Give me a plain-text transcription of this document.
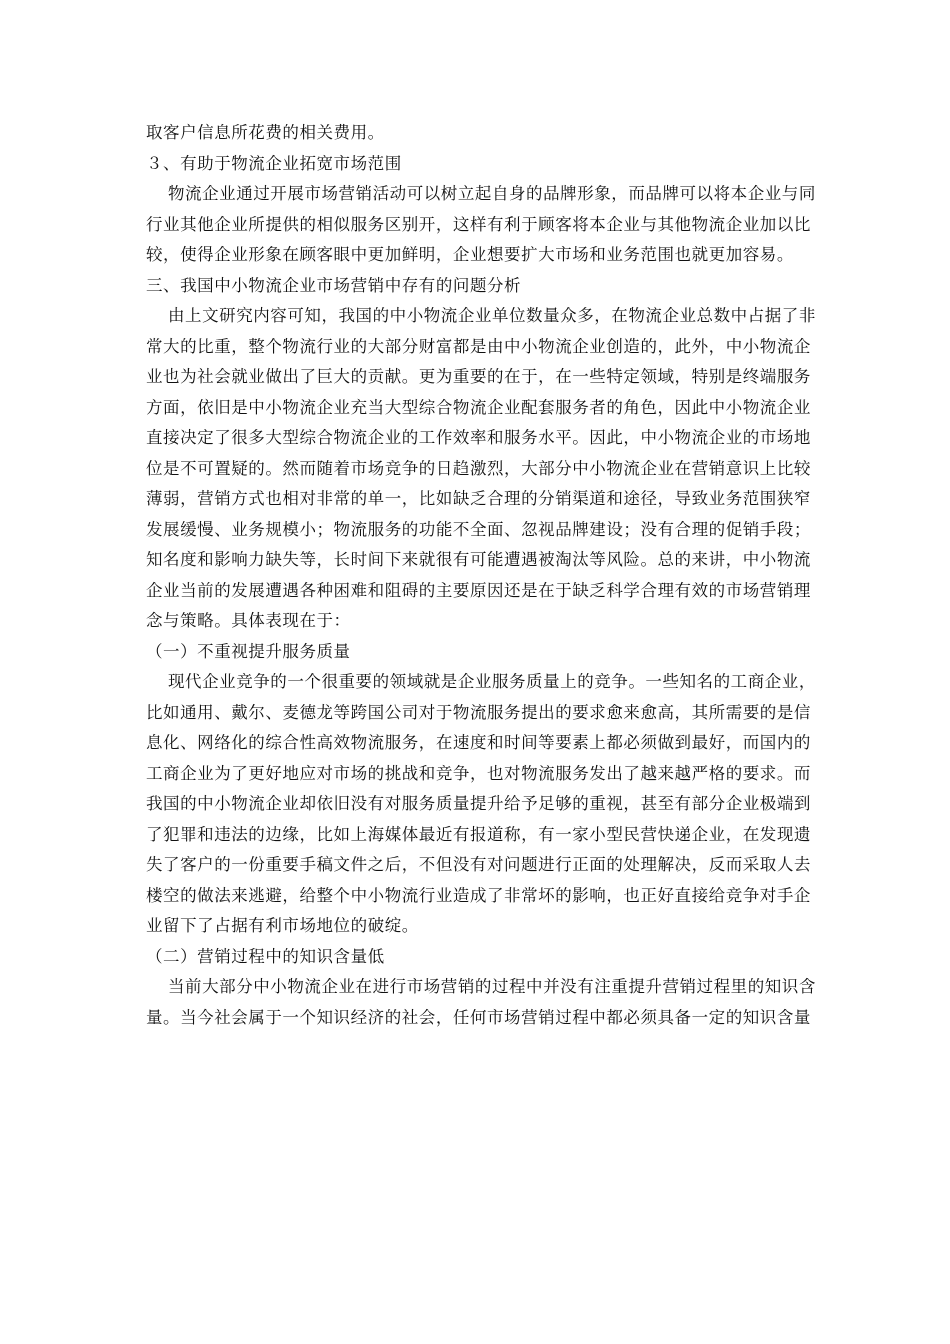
取客户信息所花费的相关费用。
３、有助于物流企业拓宽市场范围
物流企业通过开展市场营销活动可以树立起自身的品牌形象，而品牌可以将本企业与同
行业其他企业所提供的相似服务区别开，这样有利于顾客将本企业与其他物流企业加以比
较，使得企业形象在顾客眼中更加鲜明，企业想要扩大市场和业务范围也就更加容易。
三、我国中小物流企业市场营销中存有的问题分析
由上文研究内容可知，我国的中小物流企业单位数量众多，在物流企业总数中占据了非
常大的比重，整个物流行业的大部分财富都是由中小物流企业创造的，此外，中小物流企
业也为社会就业做出了巨大的贡献。更为重要的在于，在一些特定领域，特别是终端服务
方面，依旧是中小物流企业充当大型综合物流企业配套服务者的角色，因此中小物流企业
直接决定了很多大型综合物流企业的工作效率和服务水平。因此，中小物流企业的市场地
位是不可置疑的。然而随着市场竞争的日趋激烈，大部分中小物流企业在营销意识上比较
薄弱，营销方式也相对非常的单一，比如缺乏合理的分销渠道和途径，导致业务范围狭窄
发展缓慢、业务规模小；物流服务的功能不全面、忽视品牌建设；没有合理的促销手段；
知名度和影响力缺失等，长时间下来就很有可能遭遇被淘汰等风险。总的来讲，中小物流
企业当前的发展遭遇各种困难和阻碍的主要原因还是在于缺乏科学合理有效的市场营销理
念与策略。具体表现在于：
（一）不重视提升服务质量
现代企业竞争的一个很重要的领域就是企业服务质量上的竞争。一些知名的工商企业，
比如通用、戴尔、麦德龙等跨国公司对于物流服务提出的要求愈来愈高，其所需要的是信
息化、网络化的综合性高效物流服务，在速度和时间等要素上都必须做到最好，而国内的
工商企业为了更好地应对市场的挑战和竞争，也对物流服务发出了越来越严格的要求。而
我国的中小物流企业却依旧没有对服务质量提升给予足够的重视，甚至有部分企业极端到
了犯罪和违法的边缘，比如上海媒体最近有报道称，有一家小型民营快递企业，在发现遗
失了客户的一份重要手稿文件之后，不但没有对问题进行正面的处理解决，反而采取人去
楼空的做法来逃避，给整个中小物流行业造成了非常坏的影响，也正好直接给竞争对手企
业留下了占据有利市场地位的破绽。
（二）营销过程中的知识含量低
当前大部分中小物流企业在进行市场营销的过程中并没有注重提升营销过程里的知识含
量。当今社会属于一个知识经济的社会，任何市场营销过程中都必须具备一定的知识含量
